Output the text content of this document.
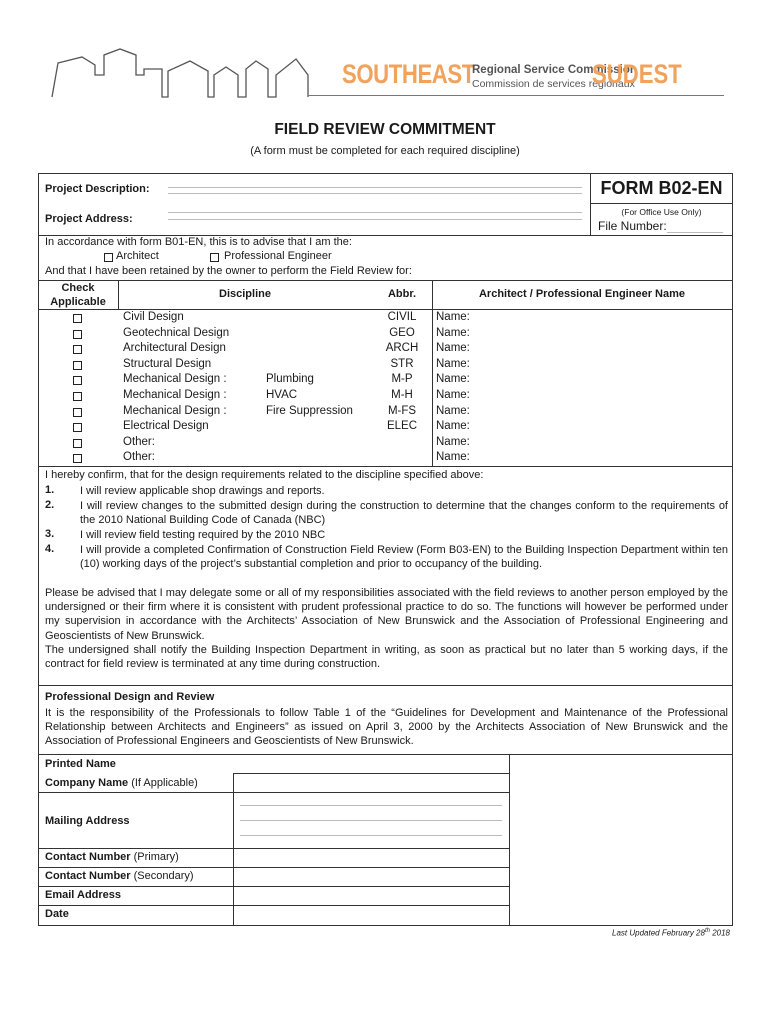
SOUTHEAST
Regional Service Commission
Commission de services régionaux
SUDEST
FIELD REVIEW COMMITMENT
(A form must be completed for each required discipline)
Project Description:
Project Address:
FORM B02-EN
(For Office Use Only)
File Number:
In accordance with form B01-EN, this is to advise that I am the:
Architect	Professional Engineer
And that I have been retained by the owner to perform the Field Review for:
Check Applicable
Discipline	Abbr.	Architect / Professional Engineer Name
Civil Design	CIVIL	Name:
Geotechnical Design	GEO	Name:
Architectural Design	ARCH	Name:
Structural Design	STR	Name:
Mechanical Design :	Plumbing	M-P	Name:
Mechanical Design :	HVAC	M-H	Name:
Mechanical Design :	Fire Suppression	M-FS	Name:
Electrical Design	ELEC	Name:
Other:	Name:
Other:	Name:
I hereby confirm, that for the design requirements related to the discipline specified above:
1. I will review applicable shop drawings and reports.
2. I will review changes to the submitted design during the construction to determine that the changes conform to the requirements of the 2010 National Building Code of Canada (NBC)
3. I will review field testing required by the 2010 NBC
4. I will provide a completed Confirmation of Construction Field Review (Form B03-EN) to the Building Inspection Department within ten (10) working days of the project’s substantial completion and prior to occupancy of the building.
Please be advised that I may delegate some or all of my responsibilities associated with the field reviews to another person employed by the undersigned or their firm where it is consistent with prudent professional practice to do so. The functions will however be performed under my supervision in accordance with the Architects’ Association of New Brunswick and the Association of Professional Engineering and Geoscientists of New Brunswick.
The undersigned shall notify the Building Inspection Department in writing, as soon as practical but no later than 5 working days, if the contract for field review is terminated at any time during construction.
Professional Design and Review
It is the responsibility of the Professionals to follow Table 1 of the “Guidelines for Development and Maintenance of the Professional Relationship between Architects and Engineers” as issued on April 3, 2000 by the Architects Association of New Brunswick and the Association of Professional Engineers and Geoscientists of New Brunswick.
Printed Name
Company Name (If Applicable)
Mailing Address
Contact Number (Primary)
Contact Number (Secondary)
Email Address
Date
Last Updated February 28th 2018
